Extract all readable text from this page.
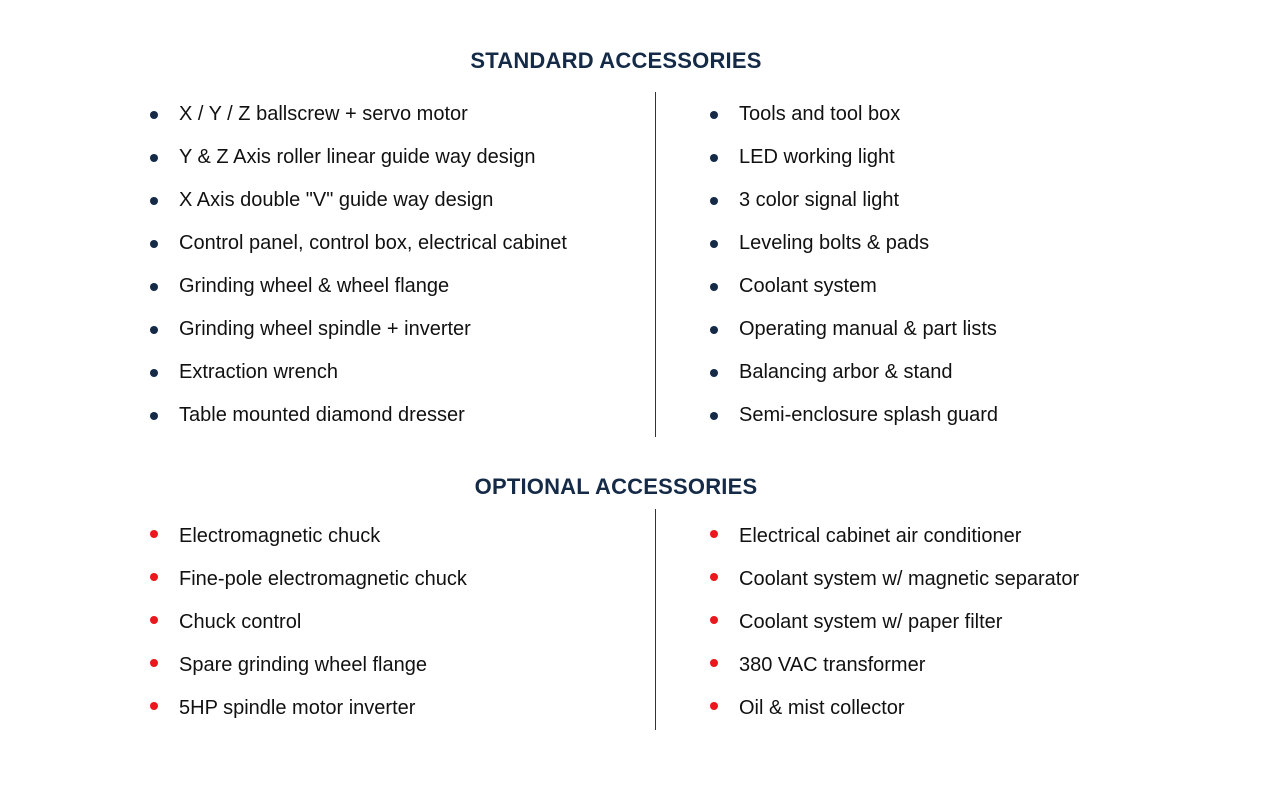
STANDARD ACCESSORIES
X / Y / Z ballscrew + servo motor
Y & Z Axis roller linear guide way design
X Axis double "V" guide way design
Control panel, control box, electrical cabinet
Grinding wheel & wheel flange
Grinding wheel spindle + inverter
Extraction wrench
Table mounted diamond dresser
Tools and tool box
LED working light
3 color signal light
Leveling bolts & pads
Coolant system
Operating manual & part lists
Balancing arbor & stand
Semi-enclosure splash guard
OPTIONAL ACCESSORIES
Electromagnetic chuck
Fine-pole electromagnetic chuck
Chuck control
Spare grinding wheel flange
5HP spindle motor inverter
Electrical cabinet air conditioner
Coolant system w/ magnetic separator
Coolant system w/ paper filter
380 VAC transformer
Oil & mist collector
